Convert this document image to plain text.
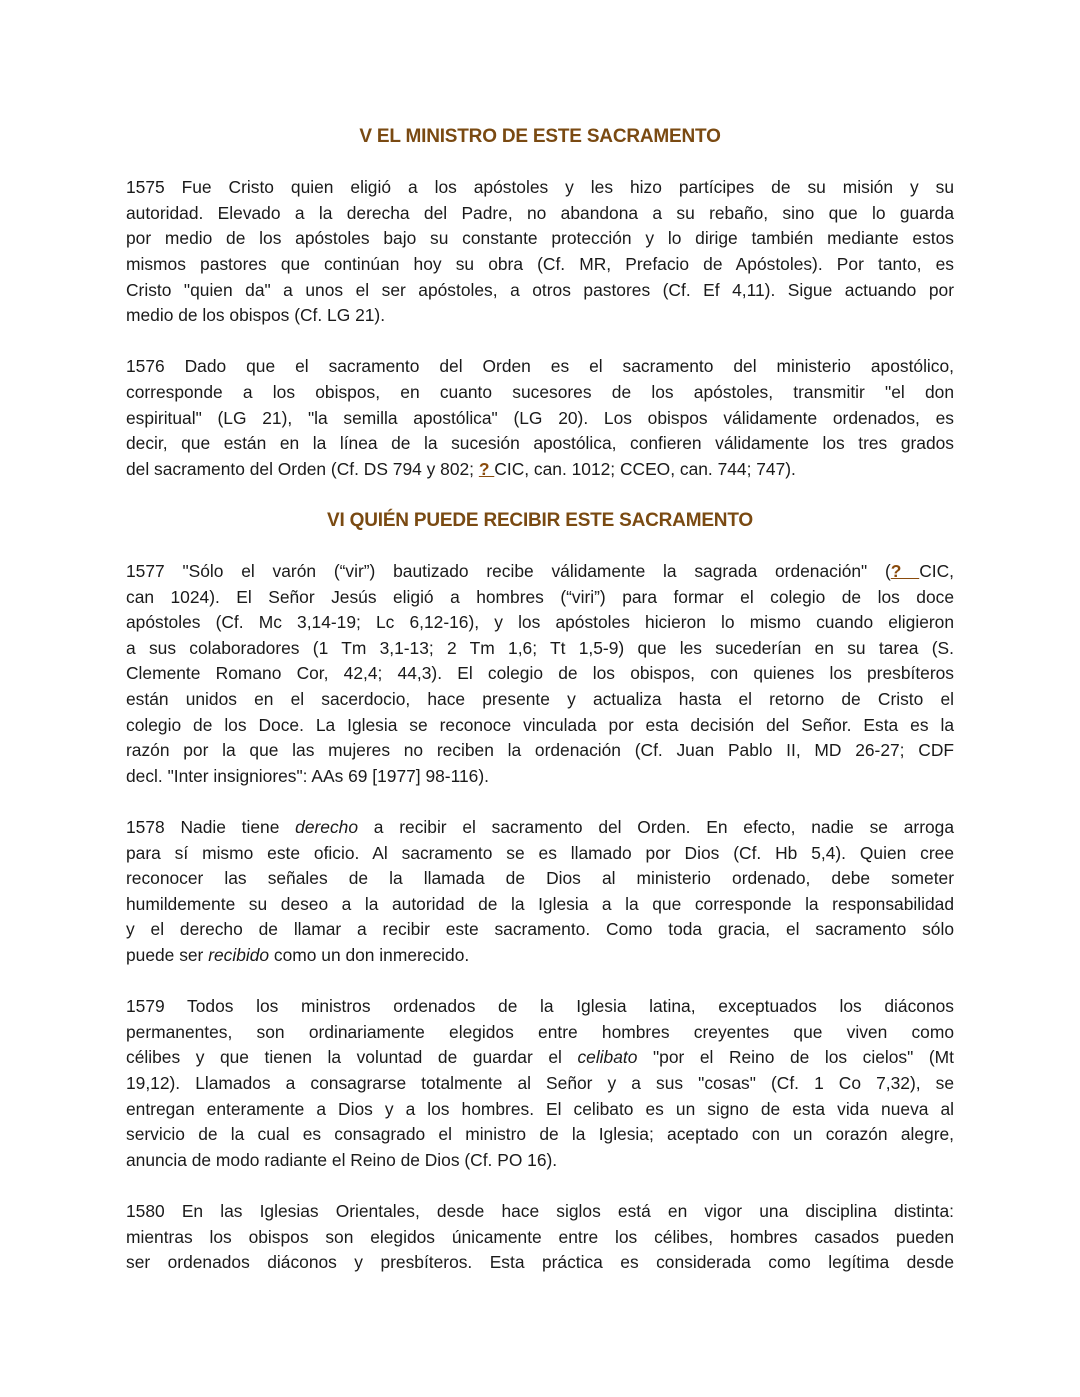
V EL MINISTRO DE ESTE SACRAMENTO
1575 Fue Cristo quien eligió a los apóstoles y les hizo partícipes de su misión y su
autoridad. Elevado a la derecha del Padre, no abandona a su rebaño, sino que lo guarda
por medio de los apóstoles bajo su constante protección y lo dirige también mediante estos
mismos pastores que continúan hoy su obra (Cf. MR, Prefacio de Apóstoles). Por tanto, es
Cristo "quien da" a unos el ser apóstoles, a otros pastores (Cf. Ef 4,11). Sigue actuando por
medio de los obispos (Cf. LG 21).
1576 Dado que el sacramento del Orden es el sacramento del ministerio apostólico,
corresponde a los obispos, en cuanto sucesores de los apóstoles, transmitir "el don
espiritual" (LG 21), "la semilla apostólica" (LG 20). Los obispos válidamente ordenados, es
decir, que están en la línea de la sucesión apostólica, confieren válidamente los tres grados
del sacramento del Orden (Cf. DS 794 y 802; ? CIC, can. 1012; CCEO, can. 744; 747).
VI QUIÉN PUEDE RECIBIR ESTE SACRAMENTO
1577 "Sólo el varón (“vir”) bautizado recibe válidamente la sagrada ordenación" (? CIC,
can 1024). El Señor Jesús eligió a hombres (“viri”) para formar el colegio de los doce
apóstoles (Cf. Mc 3,14-19; Lc 6,12-16), y los apóstoles hicieron lo mismo cuando eligieron
a sus colaboradores (1 Tm 3,1-13; 2 Tm 1,6; Tt 1,5-9) que les sucederían en su tarea (S.
Clemente Romano Cor, 42,4; 44,3). El colegio de los obispos, con quienes los presbíteros
están unidos en el sacerdocio, hace presente y actualiza hasta el retorno de Cristo el
colegio de los Doce. La Iglesia se reconoce vinculada por esta decisión del Señor. Esta es la
razón por la que las mujeres no reciben la ordenación (Cf. Juan Pablo II, MD 26-27; CDF
decl. "Inter insigniores": AAs 69 [1977] 98-116).
1578 Nadie tiene derecho a recibir el sacramento del Orden. En efecto, nadie se arroga
para sí mismo este oficio. Al sacramento se es llamado por Dios (Cf. Hb 5,4). Quien cree
reconocer las señales de la llamada de Dios al ministerio ordenado, debe someter
humildemente su deseo a la autoridad de la Iglesia a la que corresponde la responsabilidad
y el derecho de llamar a recibir este sacramento. Como toda gracia, el sacramento sólo
puede ser recibido como un don inmerecido.
1579 Todos los ministros ordenados de la Iglesia latina, exceptuados los diáconos
permanentes, son ordinariamente elegidos entre hombres creyentes que viven como
célibes y que tienen la voluntad de guardar el celibato "por el Reino de los cielos" (Mt
19,12). Llamados a consagrarse totalmente al Señor y a sus "cosas" (Cf. 1 Co 7,32), se
entregan enteramente a Dios y a los hombres. El celibato es un signo de esta vida nueva al
servicio de la cual es consagrado el ministro de la Iglesia; aceptado con un corazón alegre,
anuncia de modo radiante el Reino de Dios (Cf. PO 16).
1580 En las Iglesias Orientales, desde hace siglos está en vigor una disciplina distinta:
mientras los obispos son elegidos únicamente entre los célibes, hombres casados pueden
ser ordenados diáconos y presbíteros. Esta práctica es considerada como legítima desde
